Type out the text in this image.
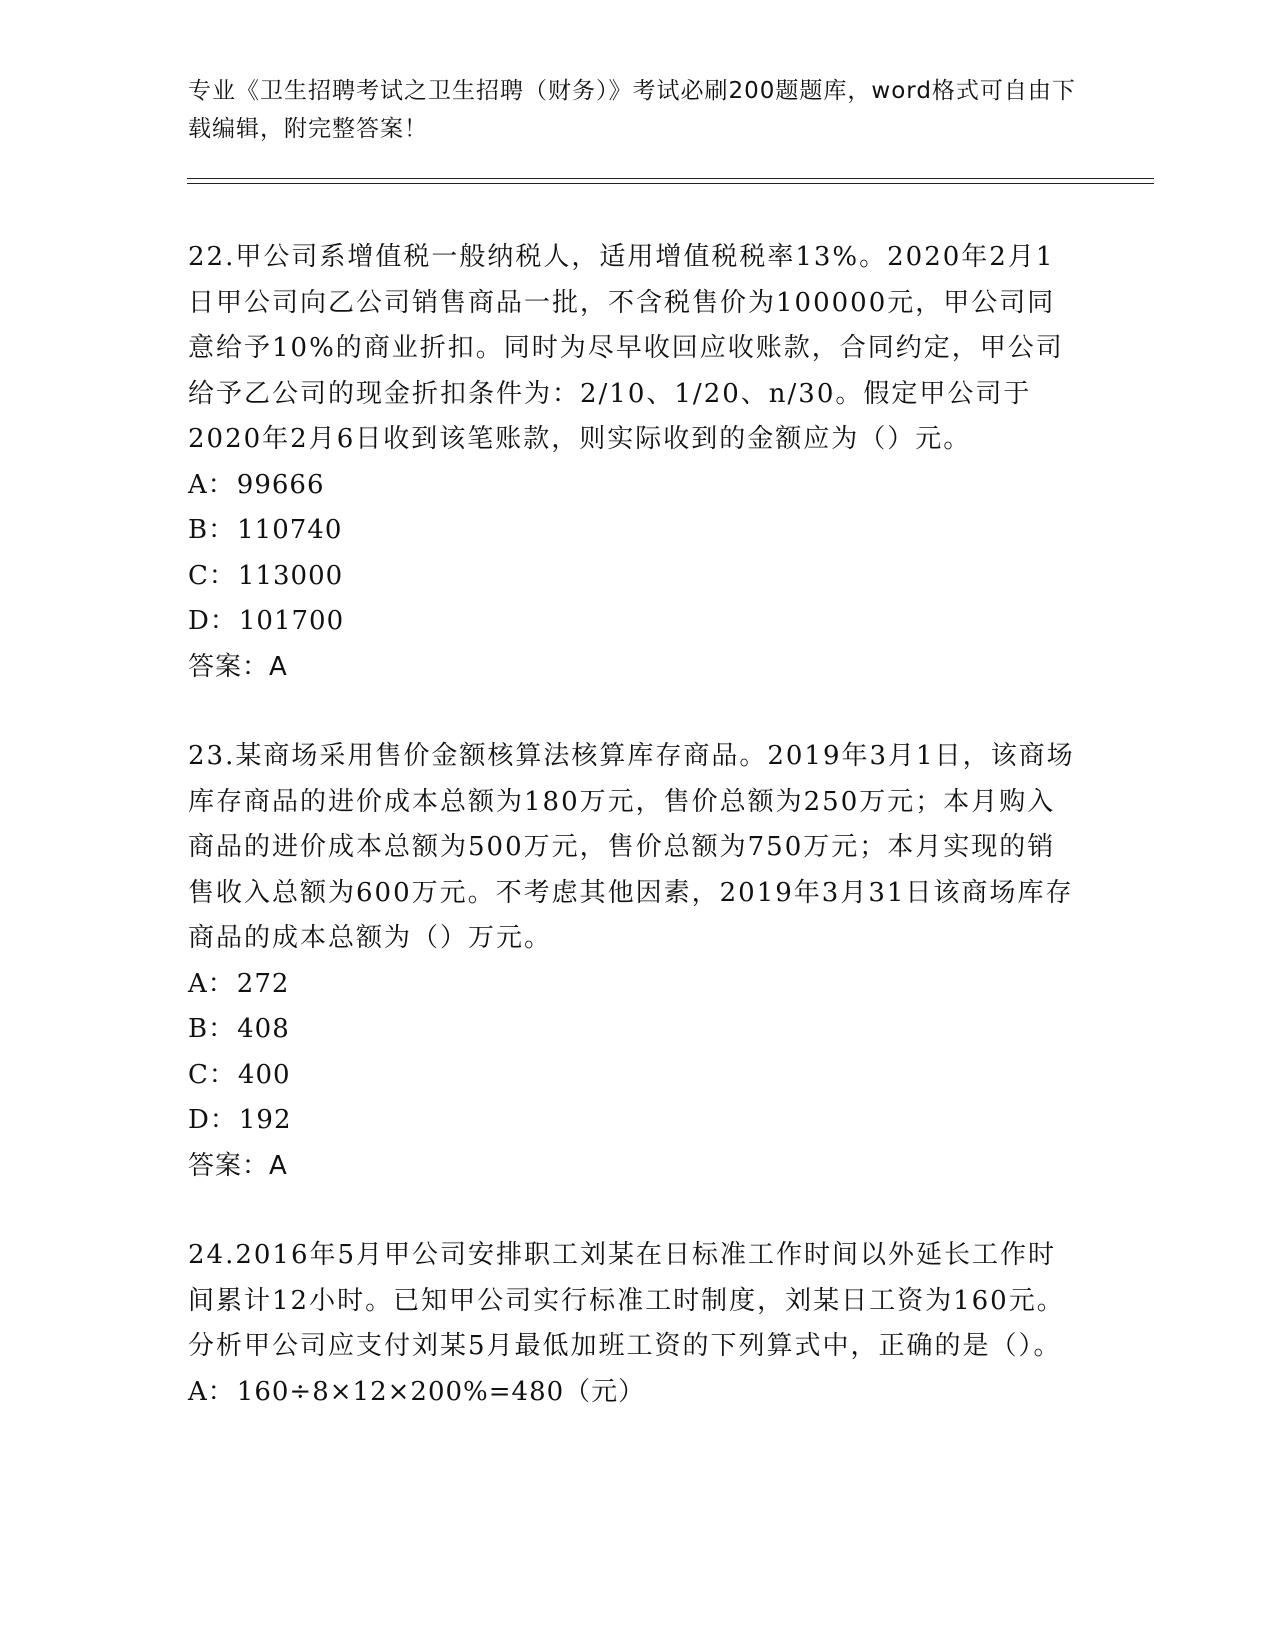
专业《卫生招聘考试之卫生招聘（财务）》考试必刷200题题库，word格式可自由下载编辑，附完整答案！

22.甲公司系增值税一般纳税人，适用增值税税率13%。2020年2月1日甲公司向乙公司销售商品一批，不含税售价为100000元，甲公司同意给予10%的商业折扣。同时为尽早收回应收账款，合同约定，甲公司给予乙公司的现金折扣条件为：2/10、1/20、n/30。假定甲公司于2020年2月6日收到该笔账款，则实际收到的金额应为（）元。

A ： 99666
B ： 110740
C ： 113000
D ： 101700

答案：A

23.某商场采用售价金额核算法核算库存商品。2019年3月1日，该商场库存商品的进价成本总额为180万元，售价总额为250万元；本月购入商品的进价成本总额为500万元，售价总额为750万元；本月实现的销售收入总额为600万元。不考虑其他因素，2019年3月31日该商场库存商品的成本总额为（）万元。

A ： 272
B ： 408
C ： 400
D ： 192

答案：A

24.2016年5月甲公司安排职工刘某在日标准工作时间以外延长工作时间累计12小时。已知甲公司实行标准工时制度，刘某日工资为160元。分析甲公司应支付刘某5月最低加班工资的下列算式中，正确的是（）。

A ： 160÷8×12×200%=480（元）
